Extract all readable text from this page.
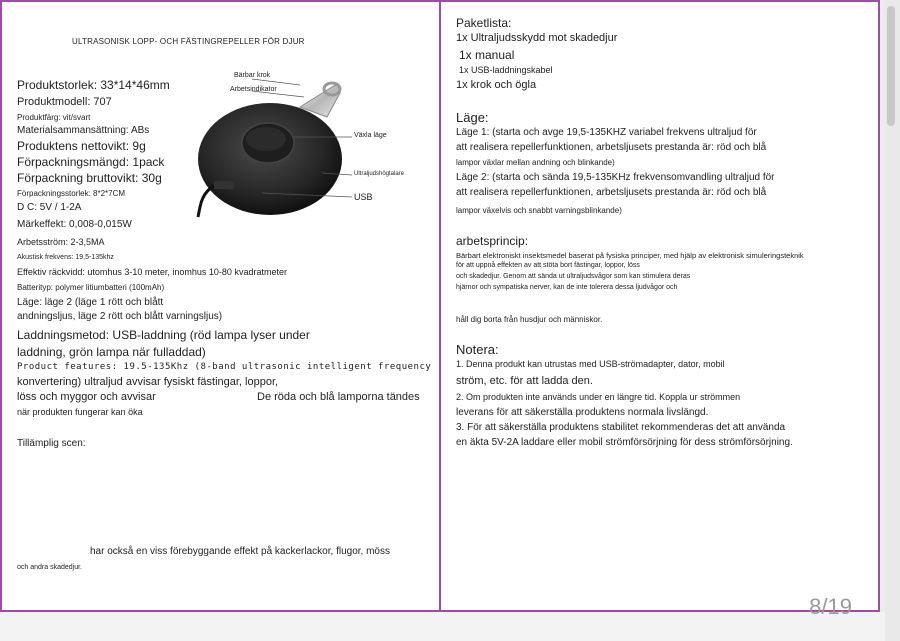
ULTRASONISK LOPP- OCH FÄSTINGREPELLER FÖR DJUR
Produktstorlek: 33*14*46mm
Produktmodell: 707
Produktfärg: vit/svart
Materialsammansättning: ABs
Produktens nettovikt: 9g
Förpackningsmängd: 1pack
Förpackning bruttovikt: 30g
Förpackningsstorlek: 8*2*7CM
D C: 5V / 1-2A
Märkeffekt: 0,008-0,015W
Arbetsström: 2-3,5MA
Akustisk frekvens: 19,5-135khz
Effektiv räckvidd: utomhus 3-10 meter, inomhus 10-80 kvadratmeter
Batterityp: polymer litiumbatteri (100mAh)
Läge: läge 2 (läge 1 rött och blått
andningsljus, läge 2 rött och blått varningsljus)
Laddningsmetod: USB-laddning (röd lampa lyser under
laddning, grön lampa när fulladdad)
Product features: 19.5-135Khz (8-band ultrasonic intelligent frequency
konvertering) ultraljud avvisar fysiskt fästingar, loppor,
löss och myggor och avvisar	De röda och blå lamporna tändes
när produkten fungerar kan öka
Tillämplig scen:
har också en viss förebyggande effekt på kackerlackor, flugor, möss
och andra skadedjur.
Bärbar krok
Arbetsindikator
Växla läge
Ultraljudshögtalare
USB
Paketlista:
1x Ultraljudsskydd mot skadedjur
1x manual
1x USB-laddningskabel
1x krok och ögla
Läge:
Läge 1: (starta och avge 19,5-135KHZ variabel frekvens ultraljud för
att realisera repellerfunktionen, arbetsljusets prestanda är: röd och blå
lampor växlar mellan andning och blinkande)
Läge 2: (starta och sända 19,5-135KHz frekvensomvandling ultraljud för
att realisera repellerfunktionen, arbetsljusets prestanda är: röd och blå
lampor växelvis och snabbt varningsblinkande)
arbetsprincip:
Bärbart elektroniskt insektsmedel baserat på fysiska principer, med hjälp av elektronisk simuleringsteknik
för att uppnå effekten av att stöta bort fästingar, loppor, löss
och skadedjur. Genom att sända ut ultraljudsvågor som kan stimulera deras
hjärnor och sympatiska nerver, kan de inte tolerera dessa ljudvågor och
håll dig borta från husdjur och människor.
Notera:
1. Denna produkt kan utrustas med USB-strömadapter, dator, mobil
ström, etc. för att ladda den.
2. Om produkten inte används under en längre tid. Koppla ur strömmen
leverans för att säkerställa produktens normala livslängd.
3. För att säkerställa produktens stabilitet rekommenderas det att använda
en äkta 5V-2A laddare eller mobil strömförsörjning för dess strömförsörjning.
8/19
